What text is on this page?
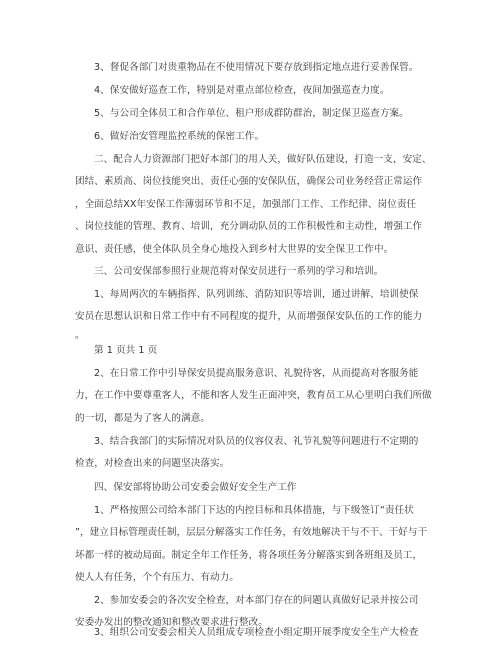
3、督促各部门对贵重物品在不使用情况下要存放到指定地点进行妥善保管。

4、保安做好巡查工作，特别是对重点部位检查，夜间加强巡查力度。

5、与公司全体员工和合作单位、租户形成群防群治，制定保卫巡查方案。

6、做好治安管理监控系统的保密工作。

二、配合人力资源部门把好本部门的用人关，做好队伍建设，打造一支，安定、
团结、素质高、岗位技能突出、责任心强的安保队伍，确保公司业务经营正常运作
，全面总结XX年安保工作薄弱环节和不足，加强部门工作、工作纪律、岗位责任
、岗位技能的管理、教育、培训，充分调动队员的工作积极性和主动性，增强工作
意识、责任感，使全体队员全身心地投入到乡村大世界的安全保卫工作中。

三、公司安保部参照行业规范将对保安员进行一系列的学习和培训。

1、每周两次的车辆指挥、队列训练、消防知识等培训，通过讲解、培训使保
安员在思想认识和日常工作中有不同程度的提升，从而增强保安队伍的工作的能力
。

第 1 页共 1 页

2、在日常工作中引导保安员提高服务意识、礼貌待客，从而提高对客服务能
力，在工作中要尊重客人，不能和客人发生正面冲突，教育员工从心里明白我们所做
的一切，都是为了客人的满意。

3、结合我部门的实际情况对队员的仪容仪表、礼节礼貌等问题进行不定期的
检查，对检查出来的问题坚决落实。

四、保安部将协助公司安委会做好安全生产工作

1、严格按照公司给本部门下达的内控目标和具体措施，与下级签订“责任状
”，建立目标管理责任制，层层分解落实工作任务，有效地解决干与不干、干好与干
坏都一样的被动局面。制定全年工作任务，将各项任务分解落实到各班组及员工，
使人人有任务，个个有压力、有动力。

2、参加安委会的各次安全检查，对本部门存在的问题认真做好记录并按公司
安委办发出的整改通知和整改要求进行整改。

3、组织公司安委会相关人员组成专项检查小组定期开展季度安全生产大检查
